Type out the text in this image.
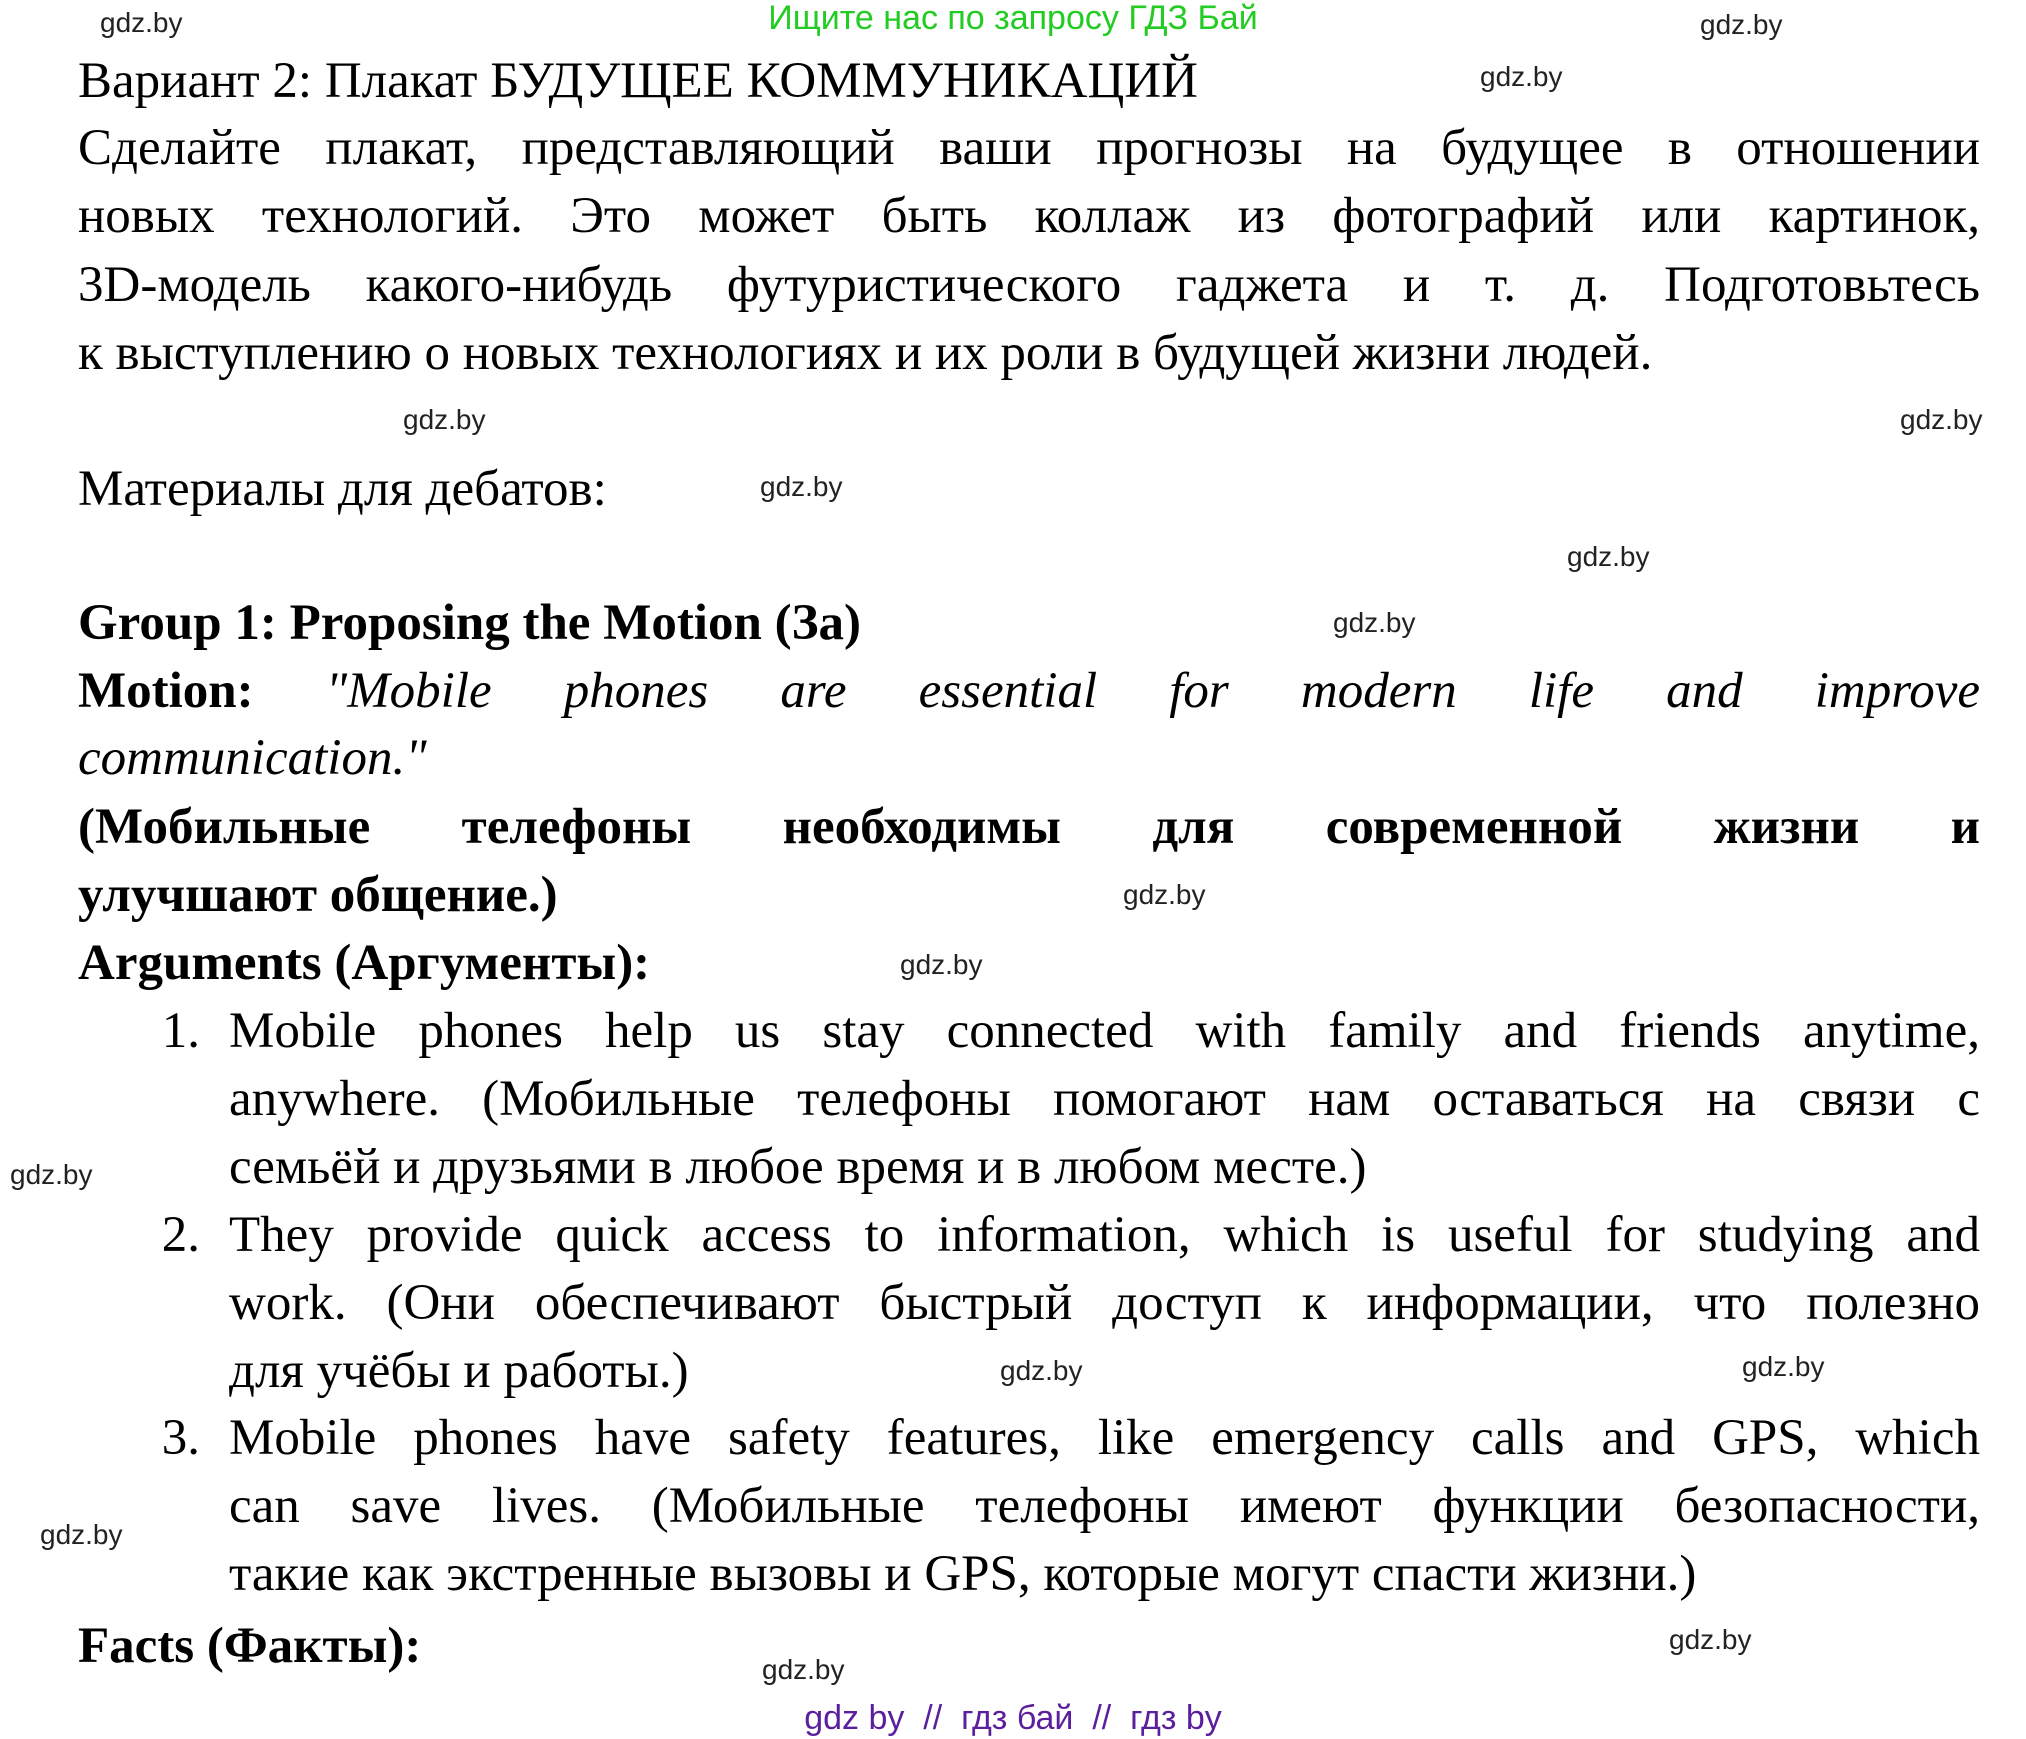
Ищите нас по запросу ГДЗ Бай
Вариант 2: Плакат БУДУЩЕЕ КОММУНИКАЦИЙ
Сделайте плакат, представляющий ваши прогнозы на будущее в отношении
новых технологий. Это может быть коллаж из фотографий или картинок,
3D-модель какого-нибудь футуристического гаджета и т. д. Подготовьтесь
к выступлению о новых технологиях и их роли в будущей жизни людей.
Материалы для дебатов:
Group 1: Proposing the Motion (За)
Motion: "Mobile phones are essential for modern life and improve
communication."
(Мобильные телефоны необходимы для современной жизни и
улучшают общение.)
Arguments (Аргументы):
1. Mobile phones help us stay connected with family and friends anytime,
anywhere. (Мобильные телефоны помогают нам оставаться на связи с
семьёй и друзьями в любое время и в любом месте.)
2. They provide quick access to information, which is useful for studying and
work. (Они обеспечивают быстрый доступ к информации, что полезно
для учёбы и работы.)
3. Mobile phones have safety features, like emergency calls and GPS, which
can save lives. (Мобильные телефоны имеют функции безопасности,
такие как экстренные вызовы и GPS, которые могут спасти жизни.)
Facts (Факты):
gdz.by
gdz.by
gdz.by
gdz.by
gdz.by
gdz.by
gdz.by
gdz.by
gdz.by
gdz.by
gdz.by
gdz.by
gdz.by
gdz.by
gdz.by
gdz.by
gdz by  //  гдз бай  //  гдз by
